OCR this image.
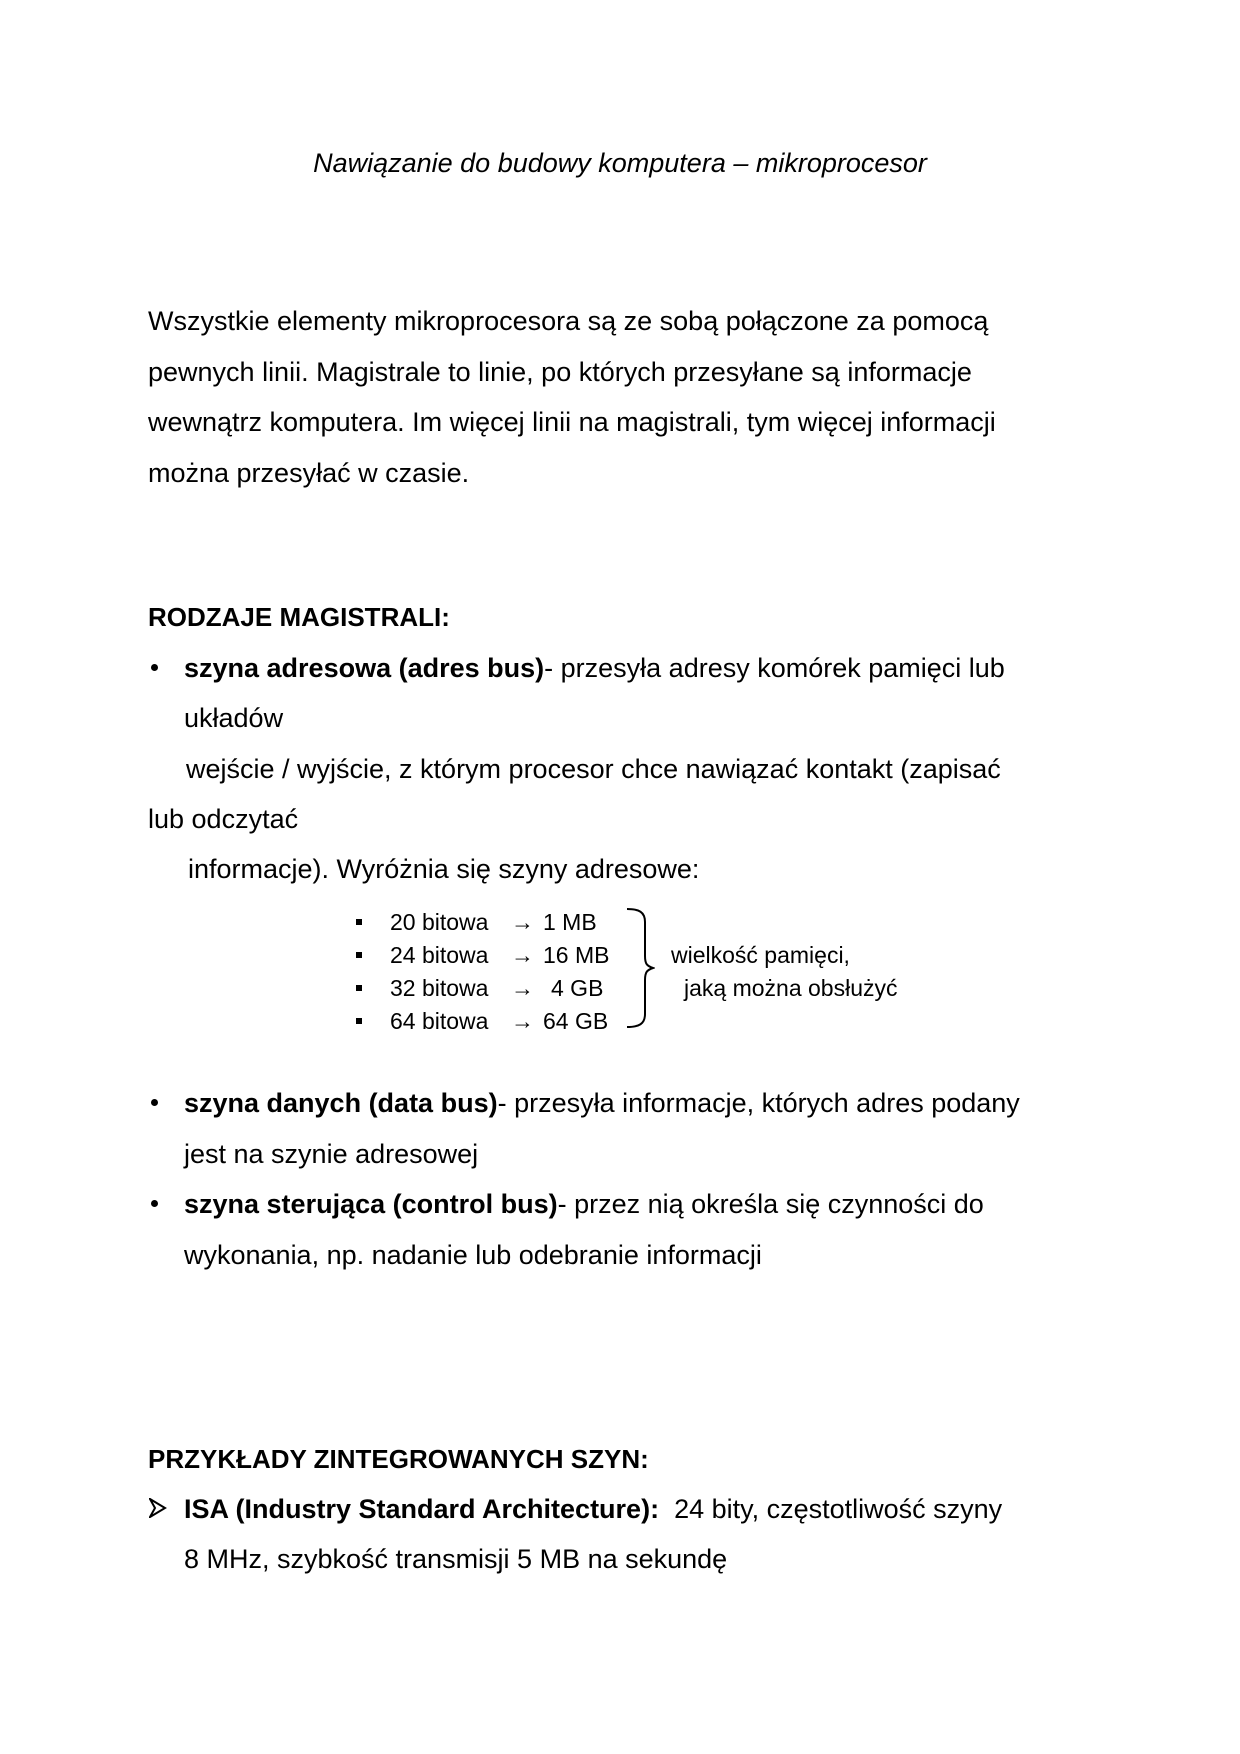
Nawiązanie do budowy komputera – mikroprocesor
Wszystkie elementy mikroprocesora są ze sobą połączone za pomocą
pewnych linii. Magistrale to linie, po których przesyłane są informacje
wewnątrz komputera. Im więcej linii na magistrali, tym więcej informacji
można przesyłać w czasie.
RODZAJE MAGISTRALI:
szyna adresowa (adres bus)- przesyła adresy komórek pamięci lub
układów
wejście / wyjście, z którym procesor chce nawiązać kontakt (zapisać
lub odczytać
informacje). Wyróżnia się szyny adresowe:
20 bitowa → 1 MB
24 bitowa → 16 MB
32 bitowa → 4 GB
64 bitowa → 64 GB
wielkość pamięci,
jaką można obsłużyć
szyna danych (data bus)- przesyła informacje, których adres podany
jest na szynie adresowej
szyna sterująca (control bus)- przez nią określa się czynności do
wykonania, np. nadanie lub odebranie informacji
PRZYKŁADY ZINTEGROWANYCH SZYN:
ISA (Industry Standard Architecture):  24 bity, częstotliwość szyny
8 MHz, szybkość transmisji 5 MB na sekundę
